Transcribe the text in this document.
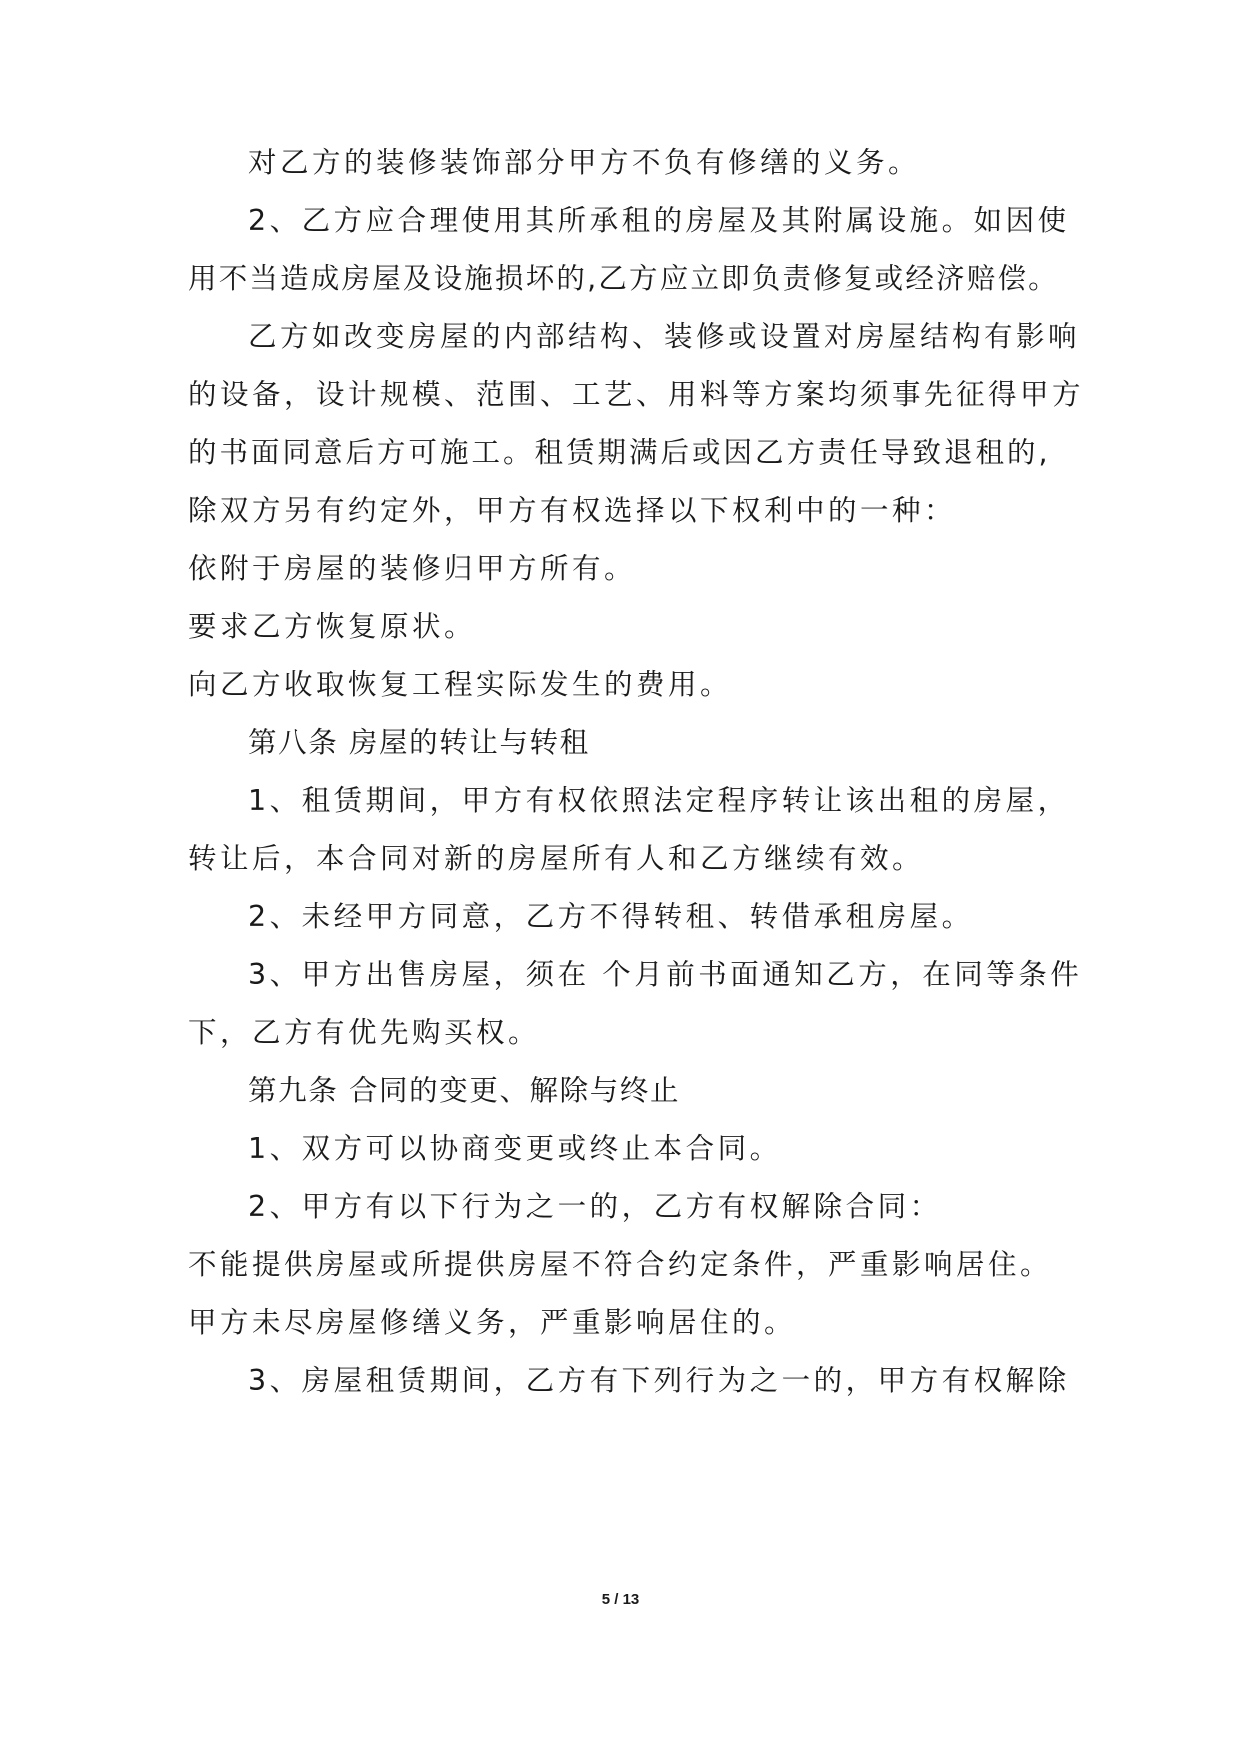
对乙方的装修装饰部分甲方不负有修缮的义务。
2、乙方应合理使用其所承租的房屋及其附属设施。如因使
用不当造成房屋及设施损坏的,乙方应立即负责修复或经济赔偿。
乙方如改变房屋的内部结构、装修或设置对房屋结构有影响
的设备，设计规模、范围、工艺、用料等方案均须事先征得甲方
的书面同意后方可施工。租赁期满后或因乙方责任导致退租的,
除双方另有约定外，甲方有权选择以下权利中的一种：
依附于房屋的装修归甲方所有。
要求乙方恢复原状。
向乙方收取恢复工程实际发生的费用。
第八条 房屋的转让与转租
1、租赁期间，甲方有权依照法定程序转让该出租的房屋，
转让后，本合同对新的房屋所有人和乙方继续有效。
2、未经甲方同意，乙方不得转租、转借承租房屋。
3、甲方出售房屋，须在 个月前书面通知乙方，在同等条件
下，乙方有优先购买权。
第九条 合同的变更、解除与终止
1、双方可以协商变更或终止本合同。
2、甲方有以下行为之一的，乙方有权解除合同：
不能提供房屋或所提供房屋不符合约定条件，严重影响居住。
甲方未尽房屋修缮义务，严重影响居住的。
3、房屋租赁期间，乙方有下列行为之一的，甲方有权解除
5 / 13
